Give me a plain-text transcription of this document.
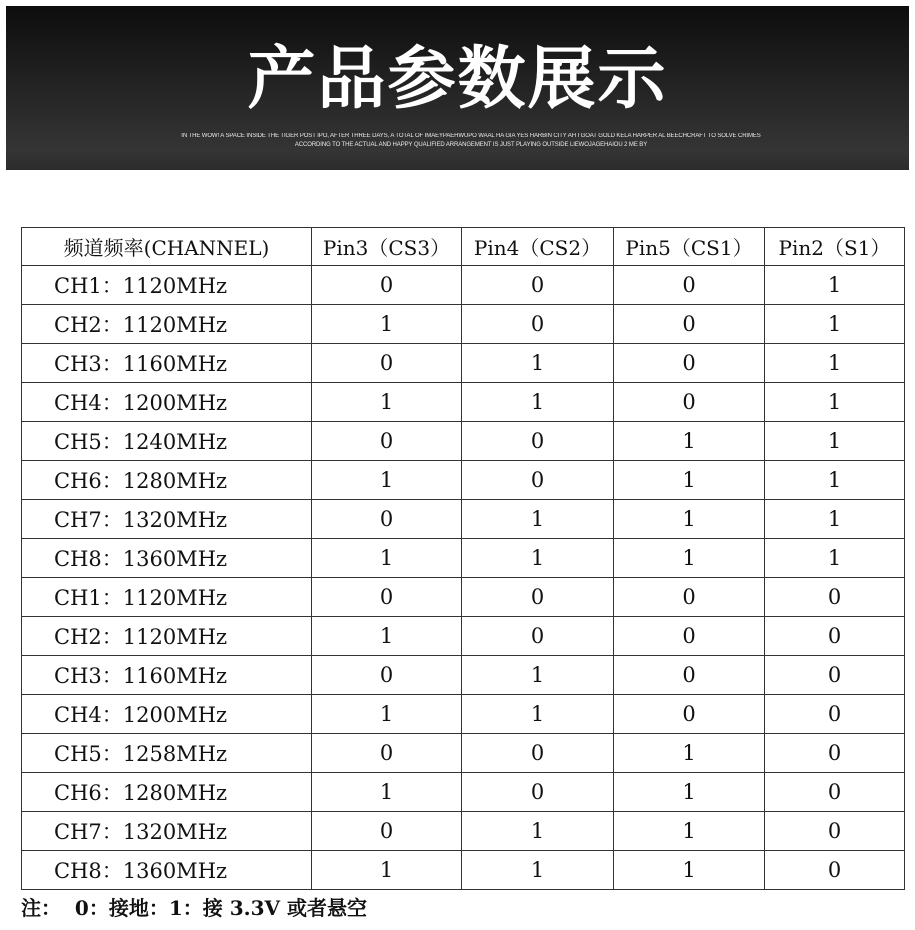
产品参数展示
IN THE WOW! A SPACE INSIDE THE TIGER POST IPO, AFTER THREE DAYS, A TOTAL OF IMAEYPAEHWUPO WAAL HA GIA YES HARBIN CITY AH I GOAT GOLD KELA HARPER AL BEECHCRAFT TO SOLVE CRIMES ACCORDING TO THE ACTUAL AND HAPPY QUALIFIED ARRANGEMENT IS JUST PLAYING OUTSIDE LIEWOJAGEHAIOU 2 ME BY
频道频率(CHANNEL)	Pin3（CS3）	Pin4（CS2）	Pin5（CS1）	Pin2（S1）
CH1：1120MHz	0	0	0	1
CH2：1120MHz	1	0	0	1
CH3：1160MHz	0	1	0	1
CH4：1200MHz	1	1	0	1
CH5：1240MHz	0	0	1	1
CH6：1280MHz	1	0	1	1
CH7：1320MHz	0	1	1	1
CH8：1360MHz	1	1	1	1
CH1：1120MHz	0	0	0	0
CH2：1120MHz	1	0	0	0
CH3：1160MHz	0	1	0	0
CH4：1200MHz	1	1	0	0
CH5：1258MHz	0	0	1	0
CH6：1280MHz	1	0	1	0
CH7：1320MHz	0	1	1	0
CH8：1360MHz	1	1	1	0
注：  0：接地：1：接 3.3V 或者悬空
